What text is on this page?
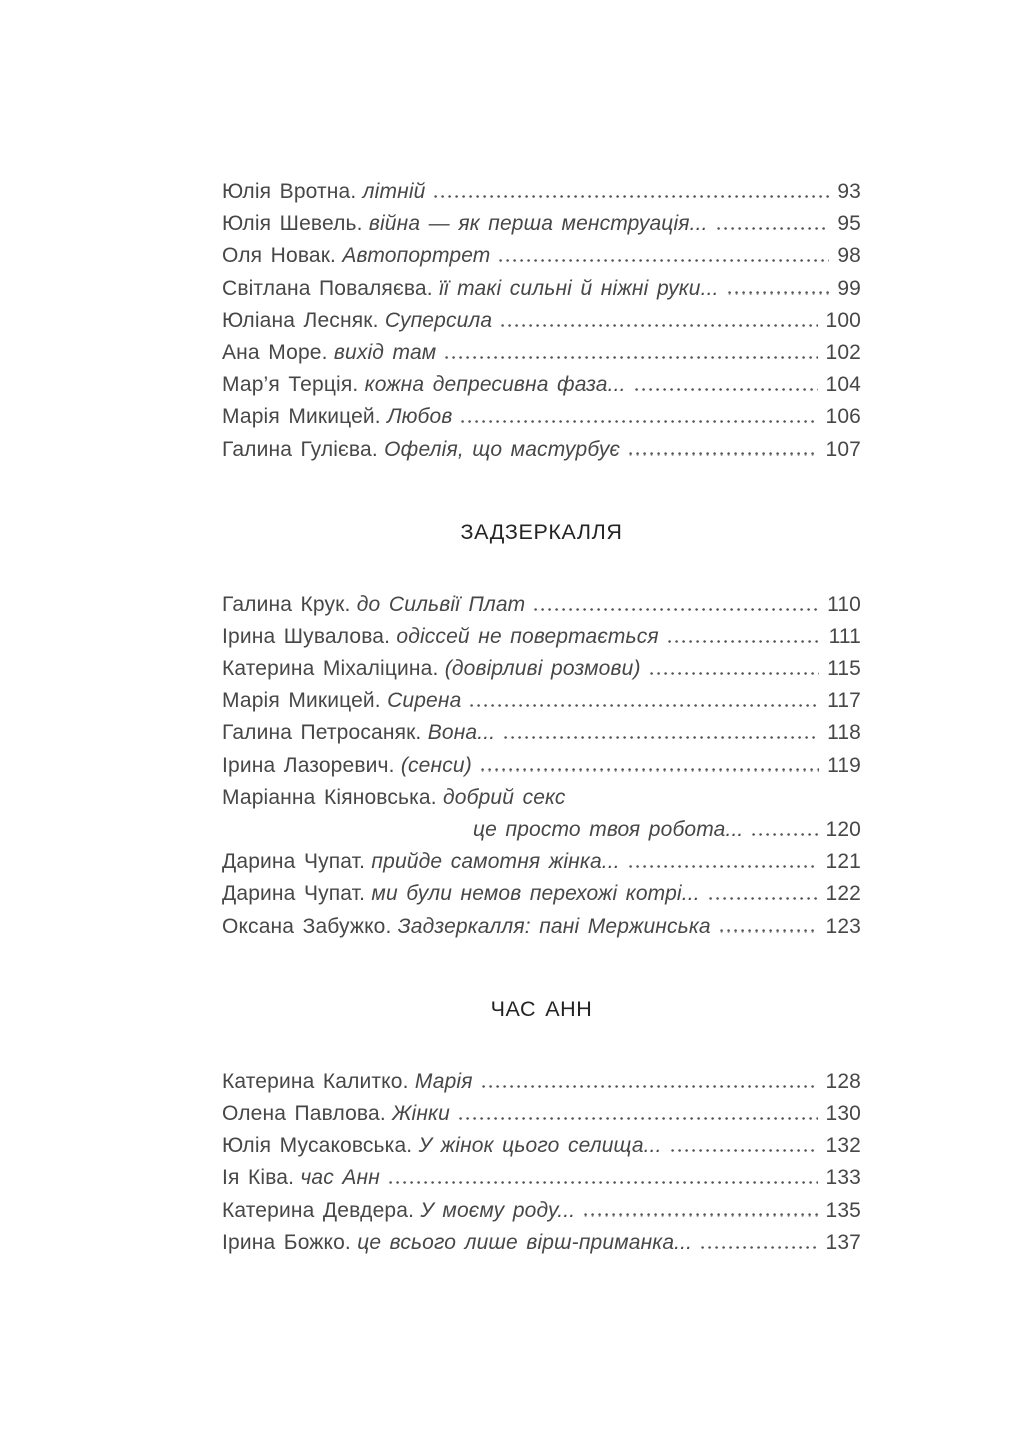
Юлія Вротна. літній	93
Юлія Шевель. війна — як перша менструація...	95
Оля Новак. Автопортрет	98
Світлана Поваляєва. її такі сильні й ніжні руки...	99
Юліана Лесняк. Суперсила	100
Ана Море. вихід там	102
Мар’я Терція. кожна депресивна фаза...	104
Марія Микицей. Любов	106
Галина Гулієва. Офелія, що мастурбує	107
ЗАДЗЕРКАЛЛЯ
Галина Крук. до Сильвії Плат	110
Ірина Шувалова. одіссей не повертається	111
Катерина Міхаліцина. (довірливі розмови)	115
Марія Микицей. Сирена	117
Галина Петросаняк. Вона...	118
Ірина Лазоревич. (сенси)	119
Маріанна Кіяновська. добрий секс
це просто твоя робота...	120
Дарина Чупат. прийде самотня жінка...	121
Дарина Чупат. ми були немов перехожі котрі...	122
Оксана Забужко. Задзеркалля: пані Мержинська	123
ЧАС АНН
Катерина Калитко. Марія	128
Олена Павлова. Жінки	130
Юлія Мусаковська. У жінок цього селища...	132
Ія Ківа. час Анн	133
Катерина Девдера. У моєму роду...	135
Ірина Божко. це всього лише вірш-приманка...	137
